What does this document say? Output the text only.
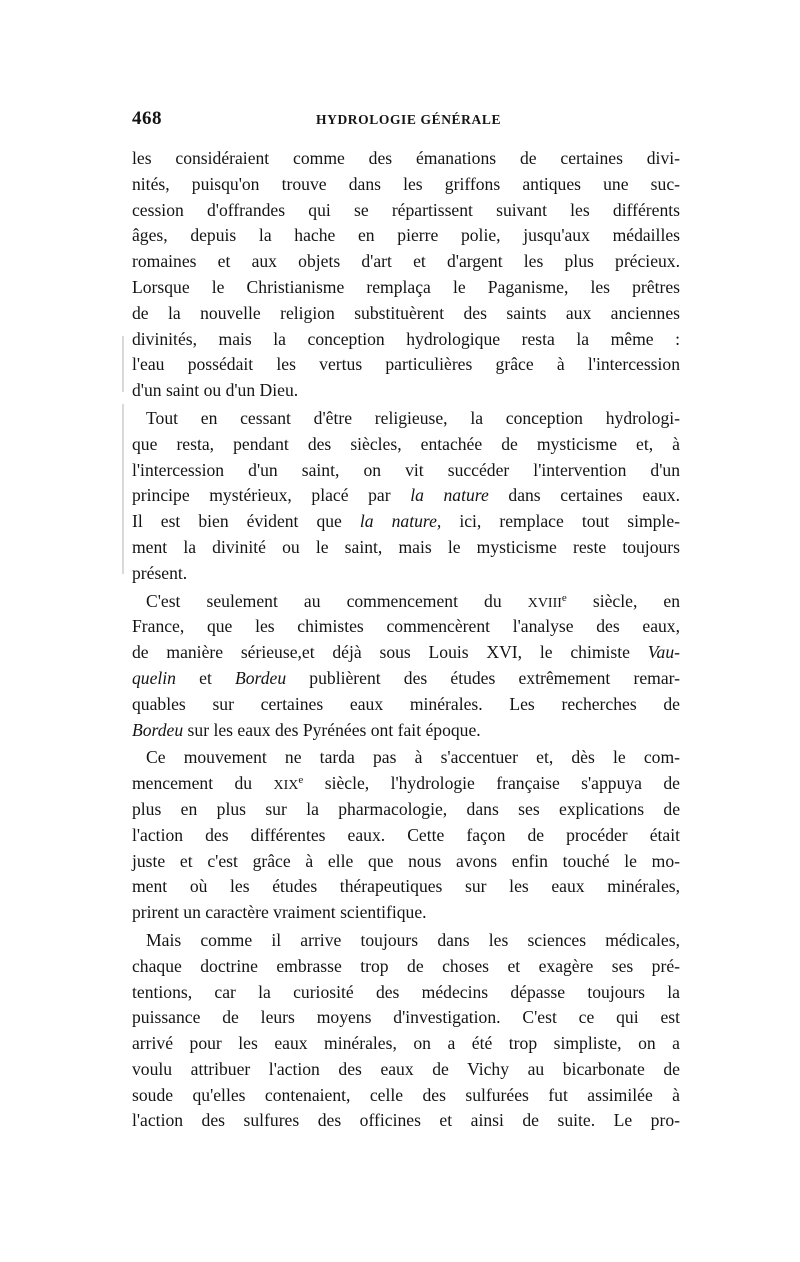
468	HYDROLOGIE GÉNÉRALE
les considéraient comme des émanations de certaines divi-
nités, puisqu'on trouve dans les griffons antiques une suc-
cession d'offrandes qui se répartissent suivant les différents
âges, depuis la hache en pierre polie, jusqu'aux médailles
romaines et aux objets d'art et d'argent les plus précieux.
Lorsque le Christianisme remplaça le Paganisme, les prêtres
de la nouvelle religion substituèrent des saints aux anciennes
divinités, mais la conception hydrologique resta la même :
l'eau possédait les vertus particulières grâce à l'intercession
d'un saint ou d'un Dieu.
Tout en cessant d'être religieuse, la conception hydrologi-
que resta, pendant des siècles, entachée de mysticisme et, à
l'intercession d'un saint, on vit succéder l'intervention d'un
principe mystérieux, placé par la nature dans certaines eaux.
Il est bien évident que la nature, ici, remplace tout simple-
ment la divinité ou le saint, mais le mysticisme reste toujours
présent.
C'est seulement au commencement du XVIIIe siècle, en
France, que les chimistes commencèrent l'analyse des eaux,
de manière sérieuse,et déjà sous Louis XVI, le chimiste Vau-
quelin et Bordeu publièrent des études extrêmement remar-
quables sur certaines eaux minérales. Les recherches de
Bordeu sur les eaux des Pyrénées ont fait époque.
Ce mouvement ne tarda pas à s'accentuer et, dès le com-
mencement du XIXe siècle, l'hydrologie française s'appuya de
plus en plus sur la pharmacologie, dans ses explications de
l'action des différentes eaux. Cette façon de procéder était
juste et c'est grâce à elle que nous avons enfin touché le mo-
ment où les études thérapeutiques sur les eaux minérales,
prirent un caractère vraiment scientifique.
Mais comme il arrive toujours dans les sciences médicales,
chaque doctrine embrasse trop de choses et exagère ses pré-
tentions, car la curiosité des médecins dépasse toujours la
puissance de leurs moyens d'investigation. C'est ce qui est
arrivé pour les eaux minérales, on a été trop simpliste, on a
voulu attribuer l'action des eaux de Vichy au bicarbonate de
soude qu'elles contenaient, celle des sulfurées fut assimilée à
l'action des sulfures des officines et ainsi de suite. Le pro-
